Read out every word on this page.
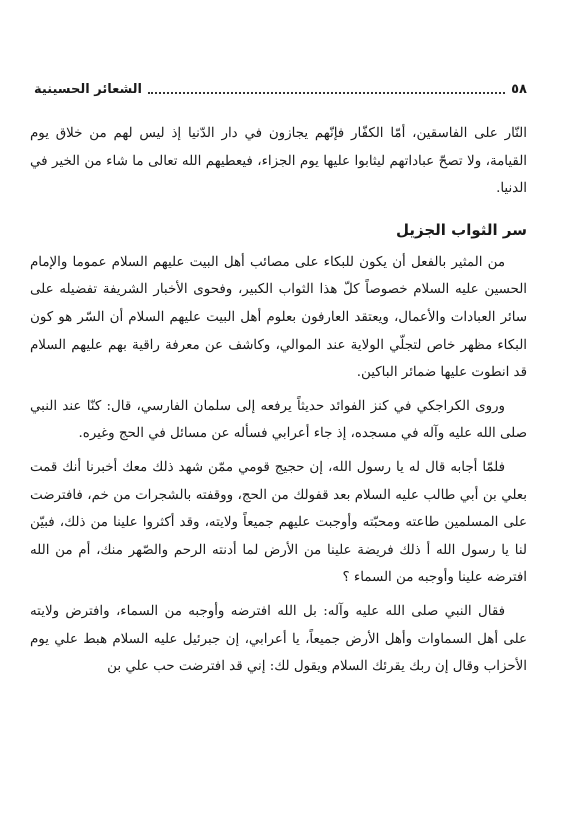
٥٨
الشعائر الحسينية

النّار على الفاسقين، أمّا الكفّار فإنّهم يجازون في دار الدّنيا إذ ليس لهم من خلاق يوم القيامة، ولا تصحّ عباداتهم ليثابوا عليها يوم الجزاء، فيعطيهم الله تعالى ما شاء من الخير في الدنيا.

سر الثواب الجزيل

من المثير بالفعل أن يكون للبكاء على مصائب أهل البيت عليهم السلام عموما والإمام الحسين عليه السلام خصوصاً كلّ هذا الثواب الكبير، وفحوى الأخبار الشريفة تفضيله على سائر العبادات والأعمال، ويعتقد العارفون بعلوم أهل البيت عليهم السلام أن السّر هو كون البكاء مظهر خاص لتجلّي الولاية عند الموالي، وكاشف عن معرفة راقية بهم عليهم السلام قد انطوت عليها ضمائر الباكين.

وروى الكراجكي في كنز الفوائد حديثاً يرفعه إلى سلمان الفارسي، قال: كنّا عند النبي صلى الله عليه وآله في مسجده، إذ جاء أعرابي فسأله عن مسائل في الحج وغيره.

فلمّا أجابه قال له يا رسول الله، إن حجيج قومي ممّن شهد ذلك معك أخبرنا أنك قمت بعلي بن أبي طالب عليه السلام بعد قفولك من الحج، ووقفته بالشجرات من خم، فافترضت على المسلمين طاعته ومحبّته وأوجبت عليهم جميعاً ولايته، وقد أكثروا علينا من ذلك، فبيّن لنا يا رسول الله أ ذلك فريضة علينا من الأرض لما أدنته الرحم والصّهر منك، أم من الله افترضه علينا وأوجبه من السماء ؟

فقال النبي صلى الله عليه وآله: بل الله افترضه وأوجبه من السماء، وافترض ولايته على أهل السماوات وأهل الأرض جميعاً، يا أعرابي، إن جبرئيل عليه السلام هبط علي يوم الأحزاب وقال إن ربك يقرئك السلام ويقول لك: إني قد افترضت حب علي بن
